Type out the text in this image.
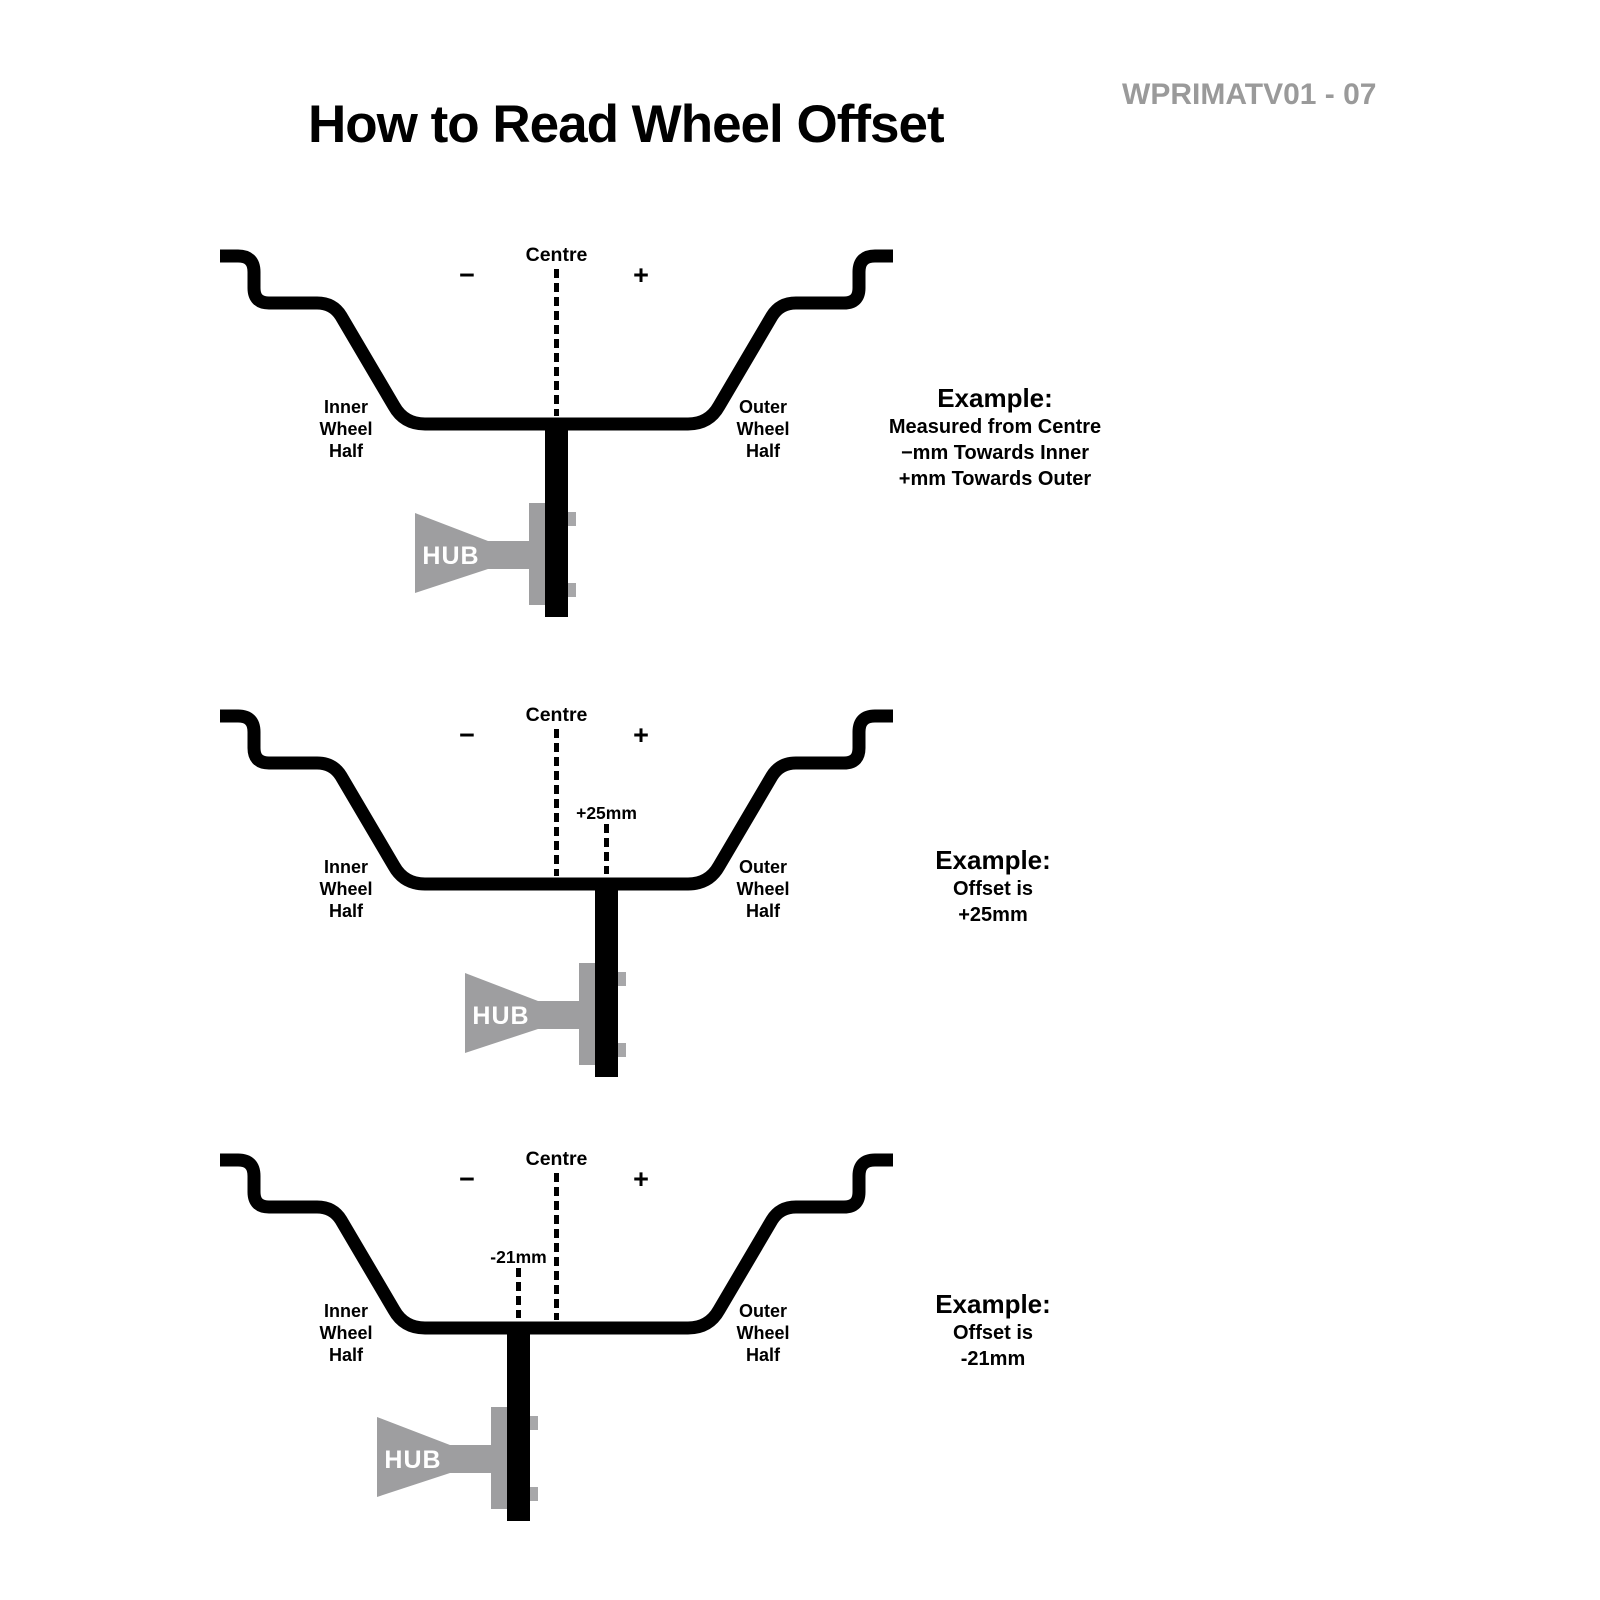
How to Read Wheel Offset
WPRIMATV01 - 07
Centre
−	+
Inner
Wheel
Half
Outer
Wheel
Half
HUB
Centre
−	+
Inner
Wheel
Half
Outer
Wheel
Half
+25mm
HUB
Centre
−	+
Inner
Wheel
Half
Outer
Wheel
Half
-21mm
HUB
Example:
Measured from Centre
−mm Towards Inner
+mm Towards Outer
Example:
Offset is
+25mm
Example:
Offset is
-21mm
